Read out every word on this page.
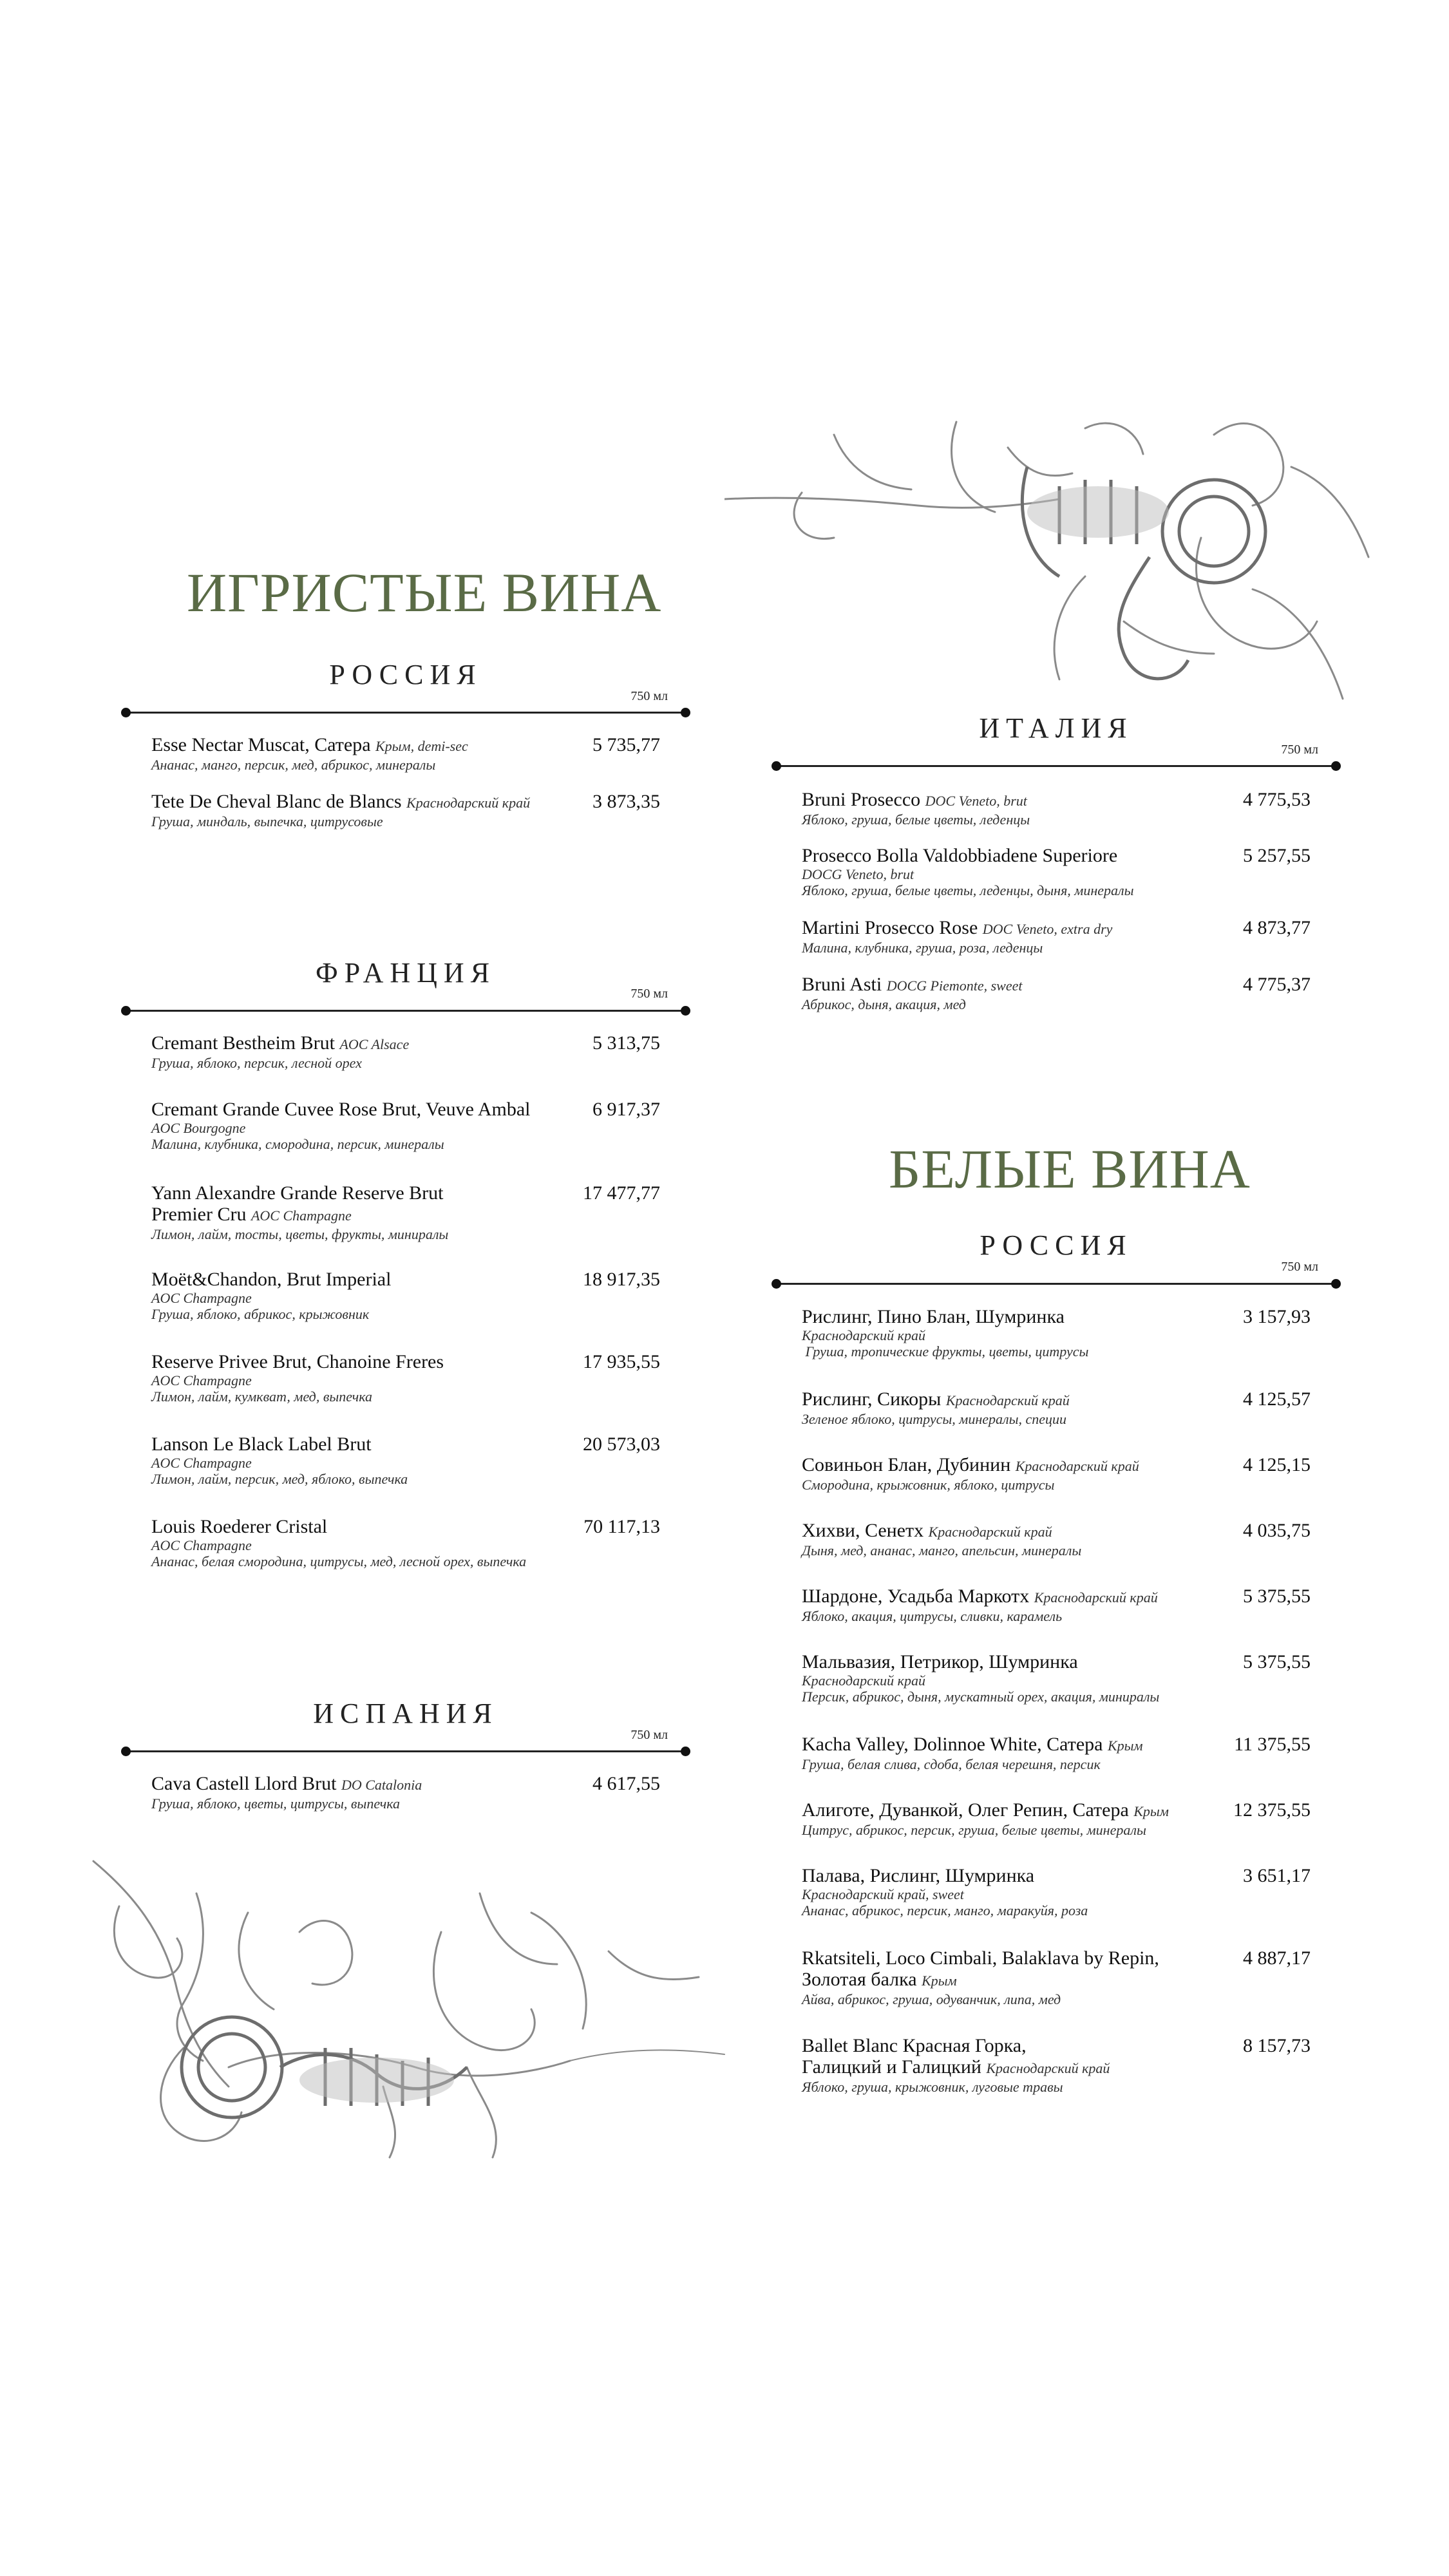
ИГРИСТЫЕ ВИНА
РОССИЯ
750 мл
Esse Nectar Muscat, Сатера Крым, demi-sec
Ананас, манго, персик, мед, абрикос, минералы
5 735,77
Tete De Cheval Blanc de Blancs Краснодарский край
Груша, миндаль, выпечка, цитрусовые
3 873,35
ФРАНЦИЯ
750 мл
Cremant Bestheim Brut AOC Alsace
Груша, яблоко, персик, лесной орех
5 313,75
Cremant Grande Cuvee Rose Brut, Veuve Ambal
AOC Bourgogne
Малина, клубника, смородина, персик, минералы
6 917,37
Yann Alexandre Grande Reserve Brut
Premier Cru AOC Champagne
Лимон, лайм, тосты, цветы, фрукты, миниралы
17 477,77
Moët&Chandon, Brut Imperial
AOC Champagne
Груша, яблоко, абрикос, крыжовник
18 917,35
Reserve Privee Brut, Chanoine Freres
AOC Champagne
Лимон, лайм, кумкват, мед, выпечка
17 935,55
Lanson Le Black Label Brut
AOC Champagne
Лимон, лайм, персик, мед, яблоко, выпечка
20 573,03
Louis Roederer Cristal
AOC Champagne
Ананас, белая смородина, цитрусы, мед, лесной орех, выпечка
70 117,13
ИСПАНИЯ
750 мл
Cava Castell Llord Brut DO Catalonia
Груша, яблоко, цветы, цитрусы, выпечка
4 617,55
ИТАЛИЯ
750 мл
Bruni Prosecco DOC Veneto, brut
Яблоко, груша, белые цветы, леденцы
4 775,53
Prosecco Bolla Valdobbiadene Superiore
DOCG Veneto, brut
Яблоко, груша, белые цветы, леденцы, дыня, минералы
5 257,55
Martini Prosecco Rose DOC Veneto, extra dry
Малина, клубника, груша, роза, леденцы
4 873,77
Bruni Asti DOCG Piemonte, sweet
Абрикос, дыня, акация, мед
4 775,37
БЕЛЫЕ ВИНА
РОССИЯ
750 мл
Рислинг, Пино Блан, Шумринка
Краснодарский край
Груша, тропические фрукты, цветы, цитрусы
3 157,93
Рислинг, Сикоры Краснодарский край
Зеленое яблоко, цитрусы, минералы, специи
4 125,57
Совиньон Блан, Дубинин Краснодарский край
Смородина, крыжовник, яблоко, цитрусы
4 125,15
Хихви, Сенетх Краснодарский край
Дыня, мед, ананас, манго, апельсин, минералы
4 035,75
Шардоне, Усадьба Маркотх Краснодарский край
Яблоко, акация, цитрусы, сливки, карамель
5 375,55
Мальвазия, Петрикор, Шумринка
Краснодарский край
Персик, абрикос, дыня, мускатный орех, акация, миниралы
5 375,55
Kacha Valley, Dolinnoe White, Сатера Крым
Груша, белая слива, сдоба, белая черешня, персик
11 375,55
Алиготе, Дуванкой, Олег Репин, Сатера Крым
Цитрус, абрикос, персик, груша, белые цветы, минералы
12 375,55
Палава, Рислинг, Шумринка
Краснодарский край, sweet
Ананас, абрикос, персик, манго, маракуйя, роза
3 651,17
Rkatsiteli, Loco Cimbali, Balaklava by Repin,
Золотая балка Крым
Айва, абрикос, груша, одуванчик, липа, мед
4 887,17
Ballet Blanc Красная Горка,
Галицкий и Галицкий Краснодарский край
Яблоко, груша, крыжовник, луговые травы
8 157,73
